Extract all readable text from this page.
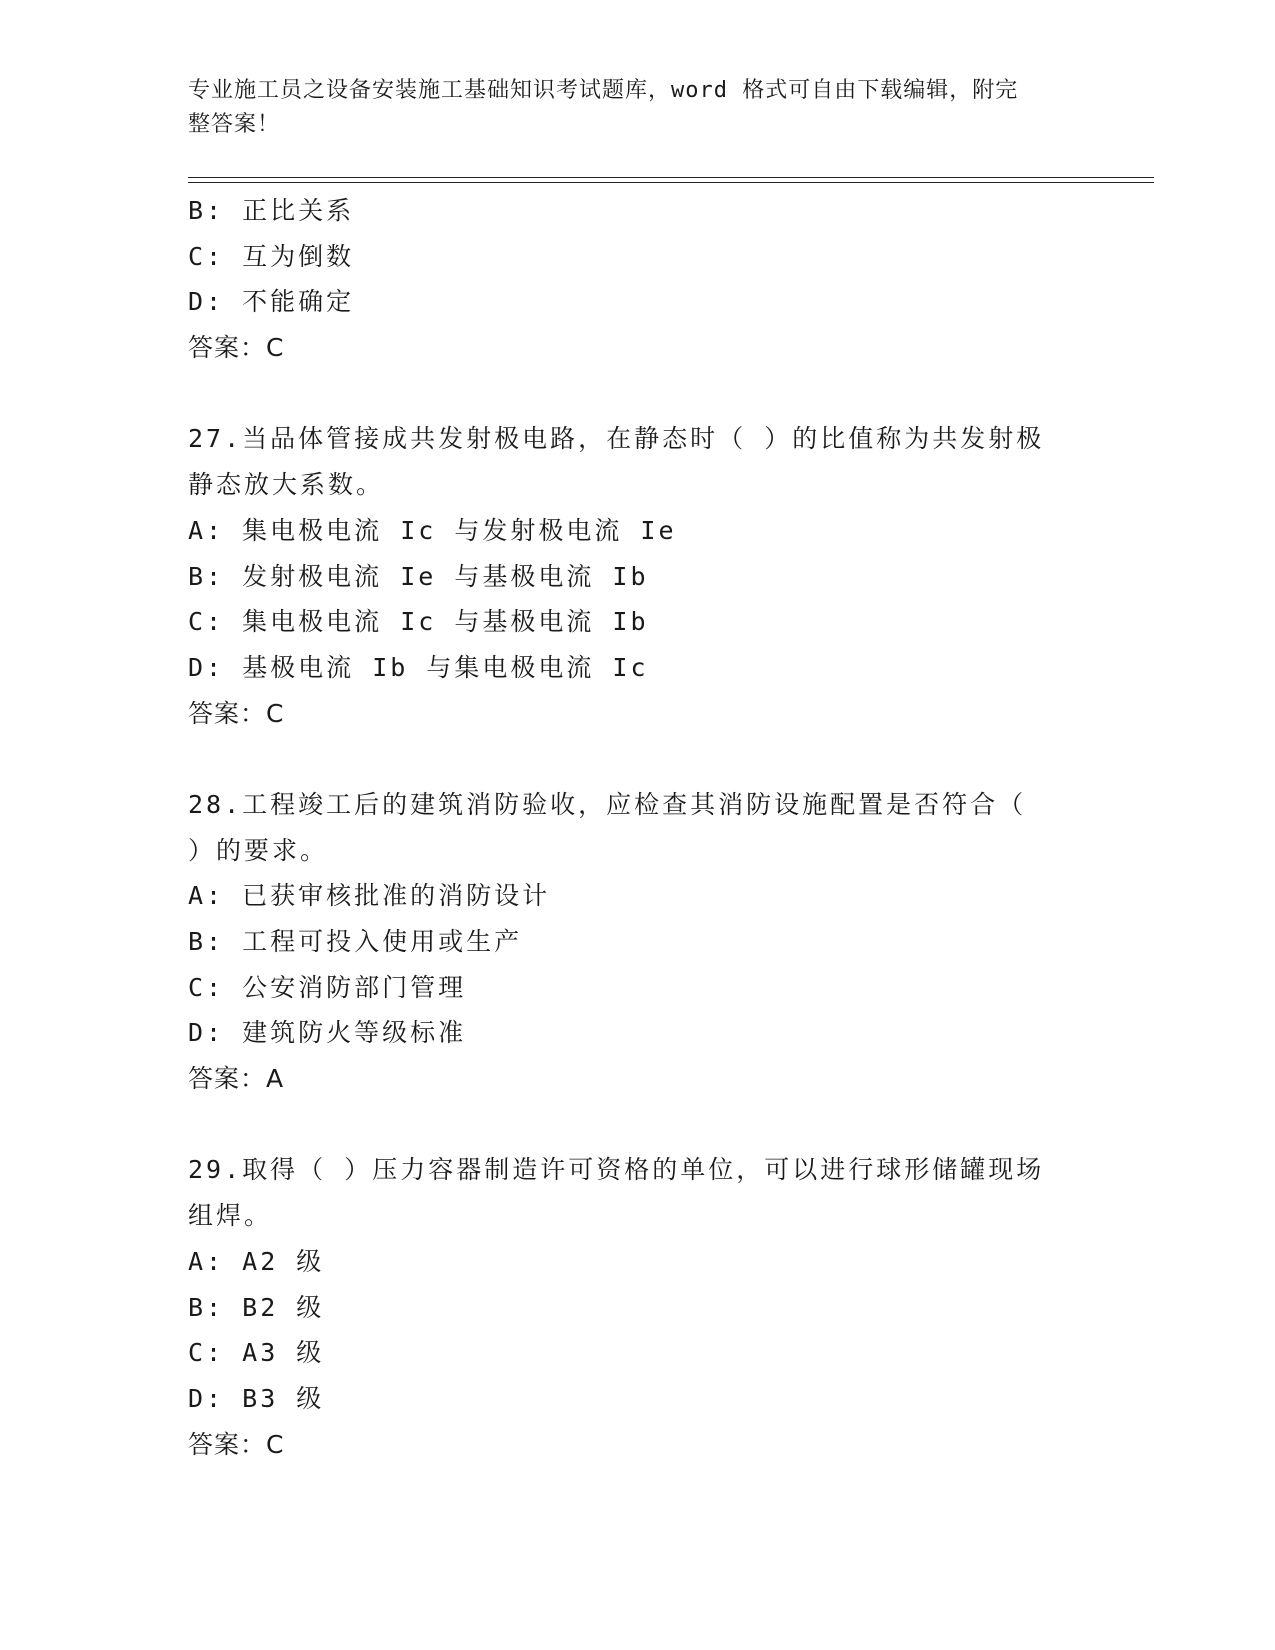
专业施工员之设备安装施工基础知识考试题库，word 格式可自由下载编辑，附完
整答案！
B: 正比关系
C: 互为倒数
D: 不能确定
答案：C
27.当品体管接成共发射极电路，在静态时（ ）的比值称为共发射极
静态放大系数。
A: 集电极电流 Ic 与发射极电流 Ie
B: 发射极电流 Ie 与基极电流 Ib
C: 集电极电流 Ic 与基极电流 Ib
D: 基极电流 Ib 与集电极电流 Ic
答案：C
28.工程竣工后的建筑消防验收，应检查其消防设施配置是否符合（
）的要求。
A: 已获审核批准的消防设计
B: 工程可投入使用或生产
C: 公安消防部门管理
D: 建筑防火等级标准
答案：A
29.取得（ ）压力容器制造许可资格的单位，可以进行球形储罐现场
组焊。
A: A2 级
B: B2 级
C: A3 级
D: B3 级
答案：C
